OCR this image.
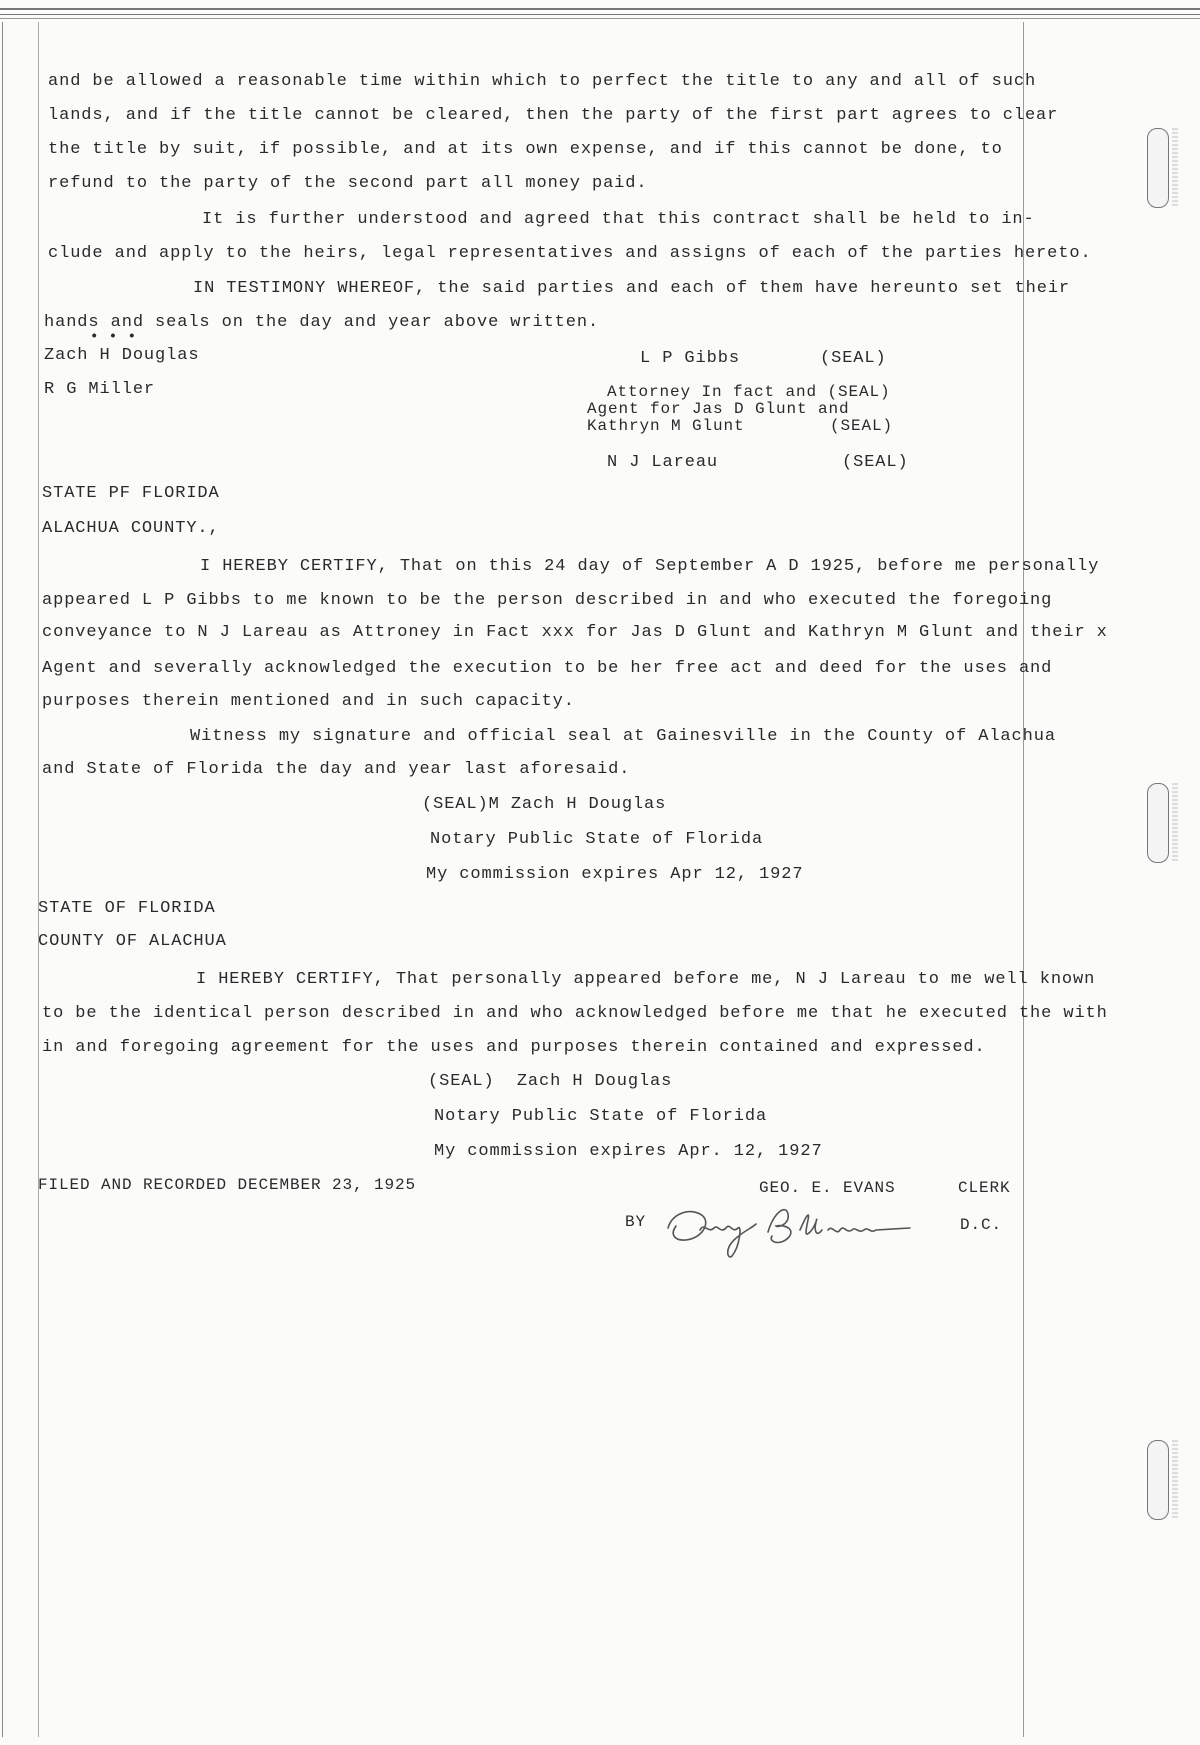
and be allowed a reasonable time within which to perfect the title to any and all of such
lands, and if the title cannot be cleared, then the party of the first part agrees to clear
the title by suit, if possible, and at its own expense, and if this cannot be done, to
refund to the party of the second part all money paid.
It is further understood and agreed that this contract shall be held to in-
clude and apply to the heirs, legal representatives and assigns of each of the parties hereto.
IN TESTIMONY WHEREOF, the said parties and each of them have hereunto set their
hands and seals on the day and year above written.
• • •
Zach H Douglas
R G Miller
L P Gibbs	(SEAL)
Attorney In fact and (SEAL)
Agent for Jas D Glunt and
Kathryn M Glunt	(SEAL)
N J Lareau	(SEAL)
STATE PF FLORIDA
ALACHUA COUNTY.,
I HEREBY CERTIFY, That on this 24 day of September A D 1925, before me personally
appeared L P Gibbs to me known to be the person described in and who executed the foregoing
conveyance to N J Lareau as Attroney in Fact xxx for Jas D Glunt and Kathryn M Glunt and their x
Agent and severally acknowledged the execution to be her free act and deed for the uses and
purposes therein mentioned and in such capacity.
Witness my signature and official seal at Gainesville in the County of Alachua
and State of Florida the day and year last aforesaid.
(SEAL)M Zach H Douglas
Notary Public State of Florida
My commission expires Apr 12, 1927
STATE OF FLORIDA
COUNTY OF ALACHUA
I HEREBY CERTIFY, That personally appeared before me, N J Lareau to me well known
to be the identical person described in and who acknowledged before me that he executed the with
in and foregoing agreement for the uses and purposes therein contained and expressed.
(SEAL)  Zach H Douglas
Notary Public State of Florida
My commission expires Apr. 12, 1927
FILED AND RECORDED DECEMBER 23, 1925	GEO. E. EVANS	CLERK
BY	D.C.
